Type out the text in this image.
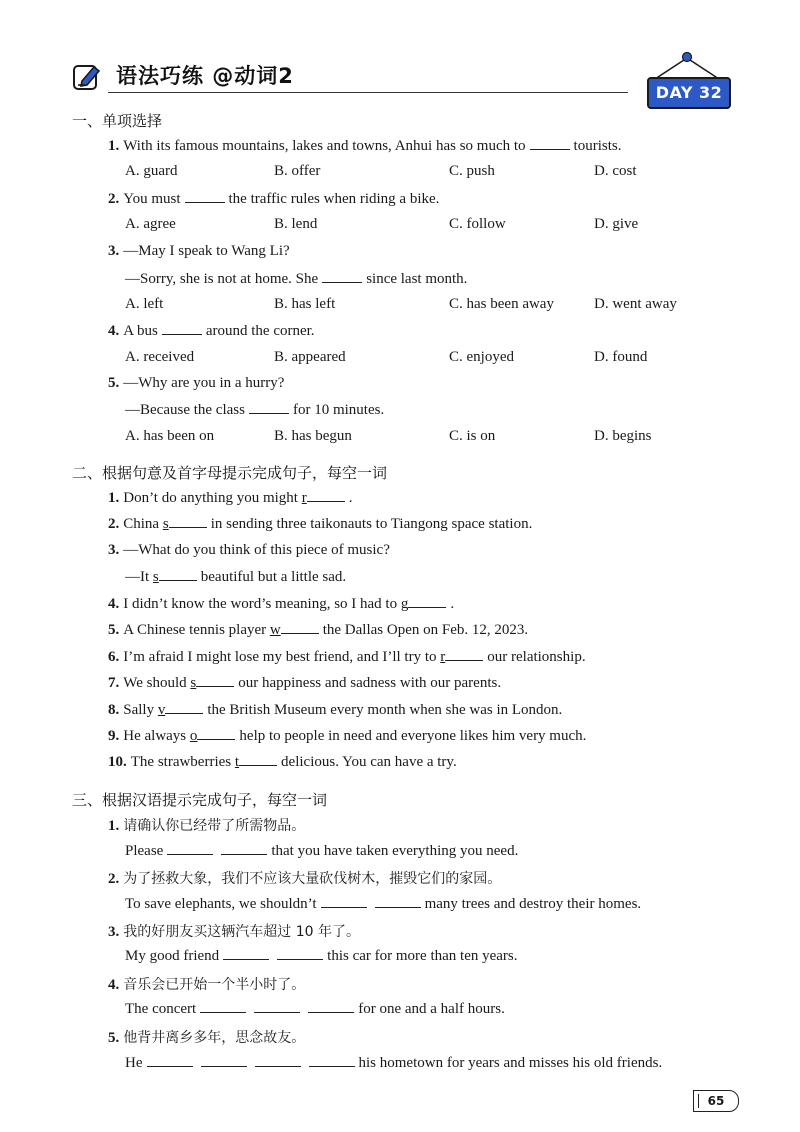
语法巧练 @动词2
DAY 32
一、单项选择
1. With its famous mountains, lakes and towns, Anhui has so much to	tourists.
A. guard	B. offer	C. push	D. cost
2. You must	the traffic rules when riding a bike.
A. agree	B. lend	C. follow	D. give
3. —May I speak to Wang Li?
—Sorry, she is not at home. She	since last month.
A. left	B. has left	C. has been away	D. went away
4. A bus	around the corner.
A. received	B. appeared	C. enjoyed	D. found
5. —Why are you in a hurry?
—Because the class	for 10 minutes.
A. has been on	B. has begun	C. is on	D. begins
二、根据句意及首字母提示完成句子，每空一词
1. Don’t do anything you might r	.
2. China s	in sending three taikonauts to Tiangong space station.
3. —What do you think of this piece of music?
—It s	beautiful but a little sad.
4. I didn’t know the word’s meaning, so I had to g	.
5. A Chinese tennis player w	the Dallas Open on Feb. 12, 2023.
6. I’m afraid I might lose my best friend, and I’ll try to r	our relationship.
7. We should s	our happiness and sadness with our parents.
8. Sally v	the British Museum every month when she was in London.
9. He always o	help to people in need and everyone likes him very much.
10. The strawberries t	delicious. You can have a try.
三、根据汉语提示完成句子，每空一词
1. 请确认你已经带了所需物品。
Please	that you have taken everything you need.
2. 为了拯救大象，我们不应该大量砍伐树木，摧毁它们的家园。
To save elephants, we shouldn’t	many trees and destroy their homes.
3. 我的好朋友买这辆汽车超过 10 年了。
My good friend	this car for more than ten years.
4. 音乐会已开始一个半小时了。
The concert	for one and a half hours.
5. 他背井离乡多年，思念故友。
He	his hometown for years and misses his old friends.
65
